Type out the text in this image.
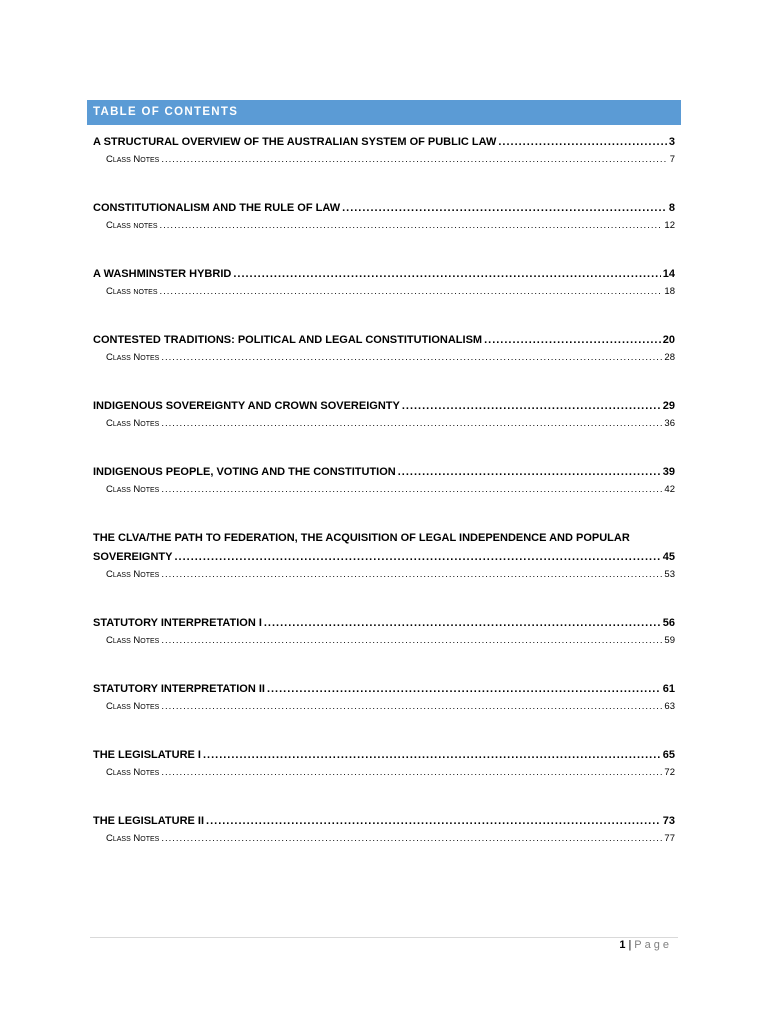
TABLE OF CONTENTS
A STRUCTURAL OVERVIEW OF THE AUSTRALIAN SYSTEM OF PUBLIC LAW .....	3
Class Notes .....	7
CONSTITUTIONALISM AND THE RULE OF LAW .....	8
Class notes .....	12
A WASHMINSTER HYBRID .....	14
Class notes .....	18
CONTESTED TRADITIONS: POLITICAL AND LEGAL CONSTITUTIONALISM .....	20
Class Notes .....	28
INDIGENOUS SOVEREIGNTY AND CROWN SOVEREIGNTY .....	29
Class Notes .....	36
INDIGENOUS PEOPLE, VOTING AND THE CONSTITUTION .....	39
Class Notes .....	42
THE CLVA/THE PATH TO FEDERATION, THE ACQUISITION OF LEGAL INDEPENDENCE AND POPULAR
SOVEREIGNTY .....	45
Class Notes .....	53
STATUTORY INTERPRETATION I .....	56
Class Notes .....	59
STATUTORY INTERPRETATION II .....	61
Class Notes .....	63
THE LEGISLATURE I .....	65
Class Notes .....	72
THE LEGISLATURE II .....	73
Class Notes .....	77
1 | Page
